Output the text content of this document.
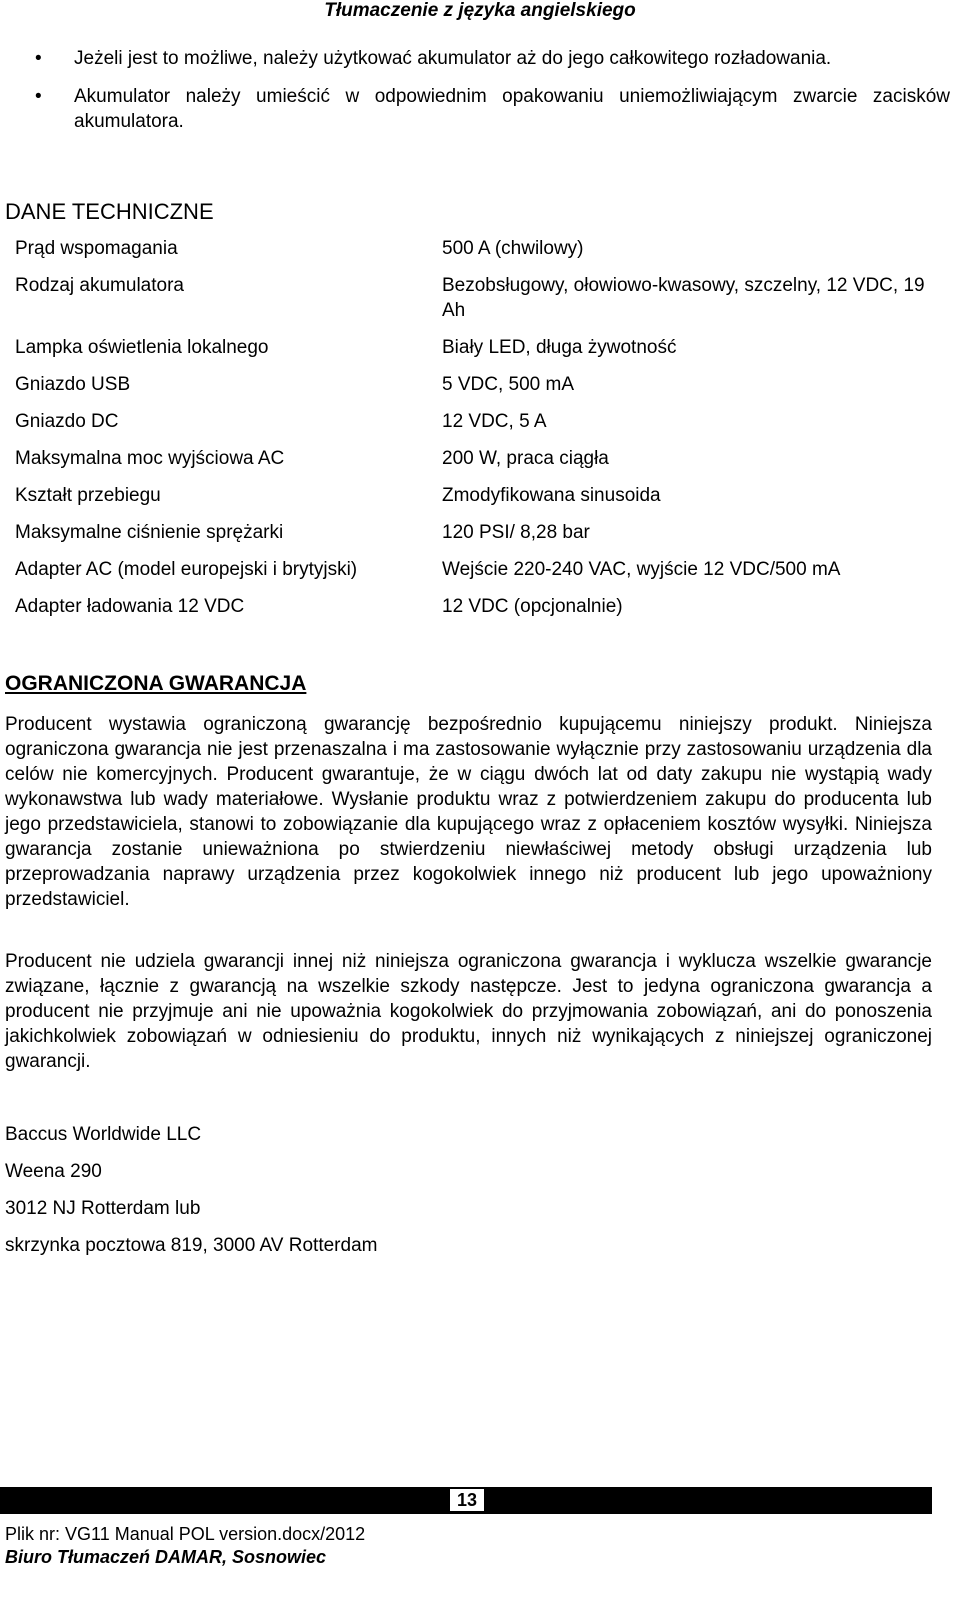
Tłumaczenie z języka angielskiego
• Jeżeli jest to możliwe, należy użytkować akumulator aż do jego całkowitego rozładowania.
• Akumulator należy umieścić w odpowiednim opakowaniu uniemożliwiającym zwarcie zacisków akumulatora.
DANE TECHNICZNE
Prąd wspomagania	500 A (chwilowy)
Rodzaj akumulatora	Bezobsługowy, ołowiowo-kwasowy, szczelny, 12 VDC, 19 Ah
Lampka oświetlenia lokalnego	Biały LED, długa żywotność
Gniazdo USB	5 VDC, 500 mA
Gniazdo DC	12 VDC, 5 A
Maksymalna moc wyjściowa AC	200 W, praca ciągła
Kształt przebiegu	Zmodyfikowana sinusoida
Maksymalne ciśnienie sprężarki	120 PSI/ 8,28 bar
Adapter AC (model europejski i brytyjski)	Wejście 220-240 VAC, wyjście 12 VDC/500 mA
Adapter ładowania 12 VDC	12 VDC (opcjonalnie)
OGRANICZONA GWARANCJA

Producent wystawia ograniczoną gwarancję bezpośrednio kupującemu niniejszy produkt. Niniejsza ograniczona gwarancja nie jest przenaszalna i ma zastosowanie wyłącznie przy zastosowaniu urządzenia dla celów nie komercyjnych. Producent gwarantuje, że w ciągu dwóch lat od daty zakupu nie wystąpią wady wykonawstwa lub wady materiałowe. Wysłanie produktu wraz z potwierdzeniem zakupu do producenta lub jego przedstawiciela, stanowi to zobowiązanie dla kupującego wraz z opłaceniem kosztów wysyłki. Niniejsza gwarancja zostanie unieważniona po stwierdzeniu niewłaściwej metody obsługi urządzenia lub przeprowadzania naprawy urządzenia przez kogokolwiek innego niż producent lub jego upoważniony przedstawiciel.

Producent nie udziela gwarancji innej niż niniejsza ograniczona gwarancja i wyklucza wszelkie gwarancje związane, łącznie z gwarancją na wszelkie szkody następcze. Jest to jedyna ograniczona gwarancja a producent nie przyjmuje ani nie upoważnia kogokolwiek do przyjmowania zobowiązań, ani do ponoszenia jakichkolwiek zobowiązań w odniesieniu do produktu, innych niż wynikających z niniejszej ograniczonej gwarancji.

Baccus Worldwide LLC
Weena 290
3012 NJ Rotterdam lub
skrzynka pocztowa 819, 3000 AV Rotterdam
13
Plik nr: VG11 Manual POL version.docx/2012
Biuro Tłumaczeń DAMAR, Sosnowiec
